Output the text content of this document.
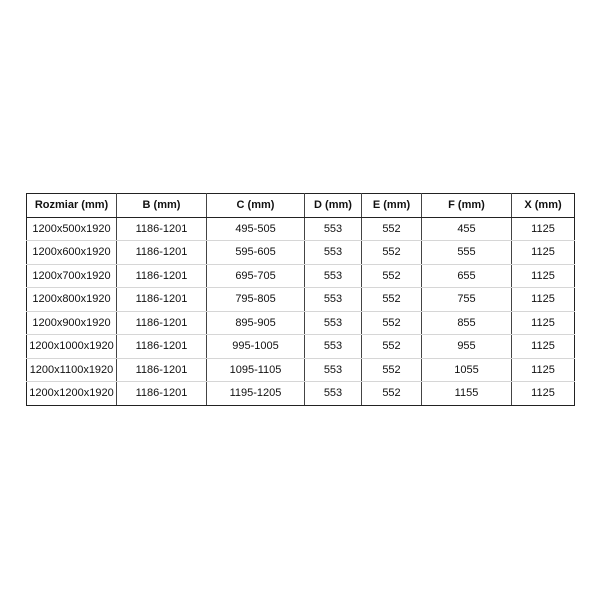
Rozmiar (mm)	B (mm)	C (mm)	D (mm)	E (mm)	F (mm)	X (mm)
1200x500x1920	1186-1201	495-505	553	552	455	1125
1200x600x1920	1186-1201	595-605	553	552	555	1125
1200x700x1920	1186-1201	695-705	553	552	655	1125
1200x800x1920	1186-1201	795-805	553	552	755	1125
1200x900x1920	1186-1201	895-905	553	552	855	1125
1200x1000x1920	1186-1201	995-1005	553	552	955	1125
1200x1100x1920	1186-1201	1095-1105	553	552	1055	1125
1200x1200x1920	1186-1201	1195-1205	553	552	1155	1125
